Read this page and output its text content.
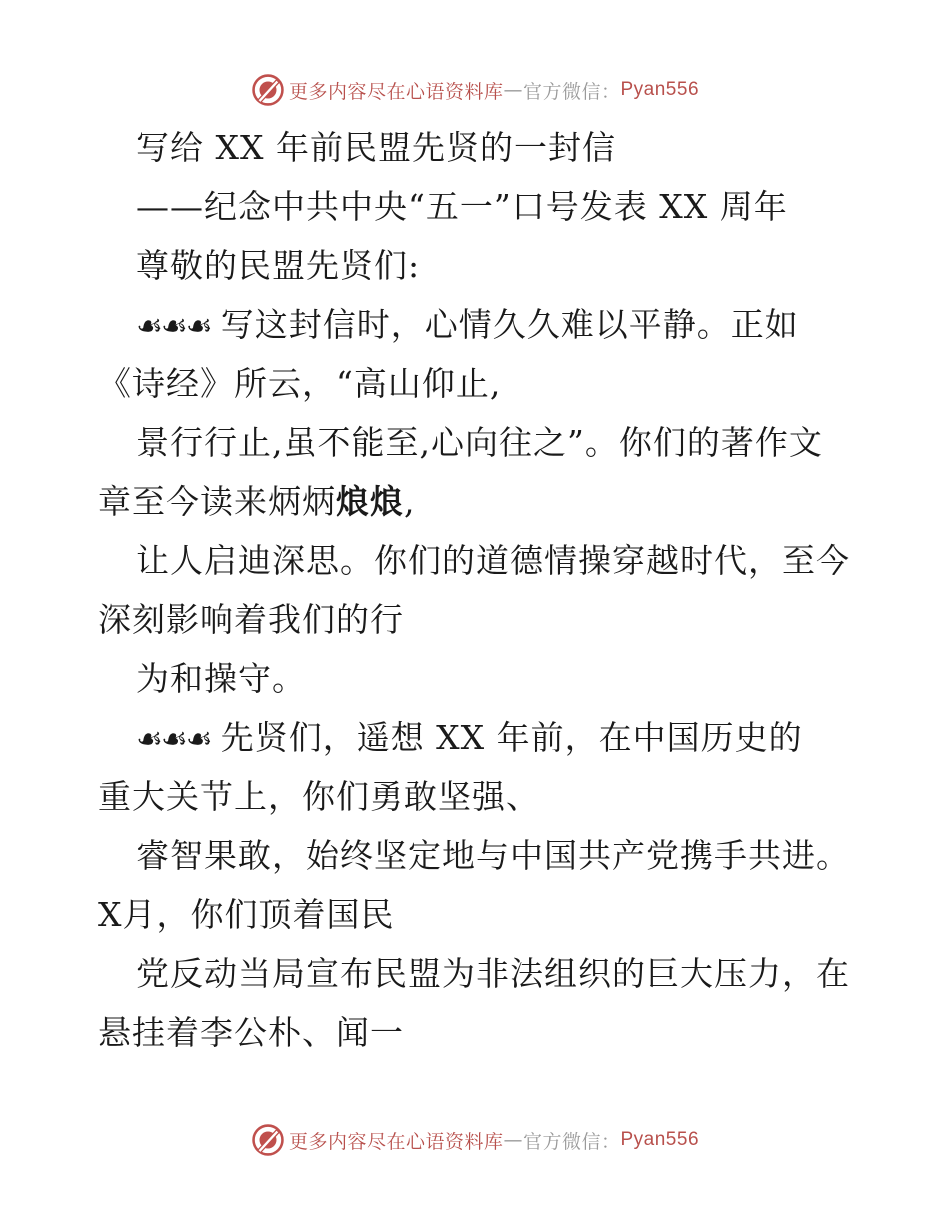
更多内容尽在心语资料库 — 官方微信： Pyan556
写给 XX 年前民盟先贤的一封信
——纪念中共中央“五一”口号发表 XX 周年
尊敬的民盟先贤们:
☙☙☙ 写这封信时，心情久久难以平静。正如
《诗经》所云，“高山仰止,
景行行止,虽不能至,心向往之”。你们的著作文
章至今读来炳炳烺烺,
让人启迪深思。你们的道德情操穿越时代，至今
深刻影响着我们的行
为和操守。
☙☙☙ 先贤们，遥想 XX 年前，在中国历史的
重大关节上，你们勇敢坚强、
睿智果敢，始终坚定地与中国共产党携手共进。
X月，你们顶着国民
党反动当局宣布民盟为非法组织的巨大压力，在
悬挂着李公朴、闻一
更多内容尽在心语资料库 — 官方微信： Pyan556
